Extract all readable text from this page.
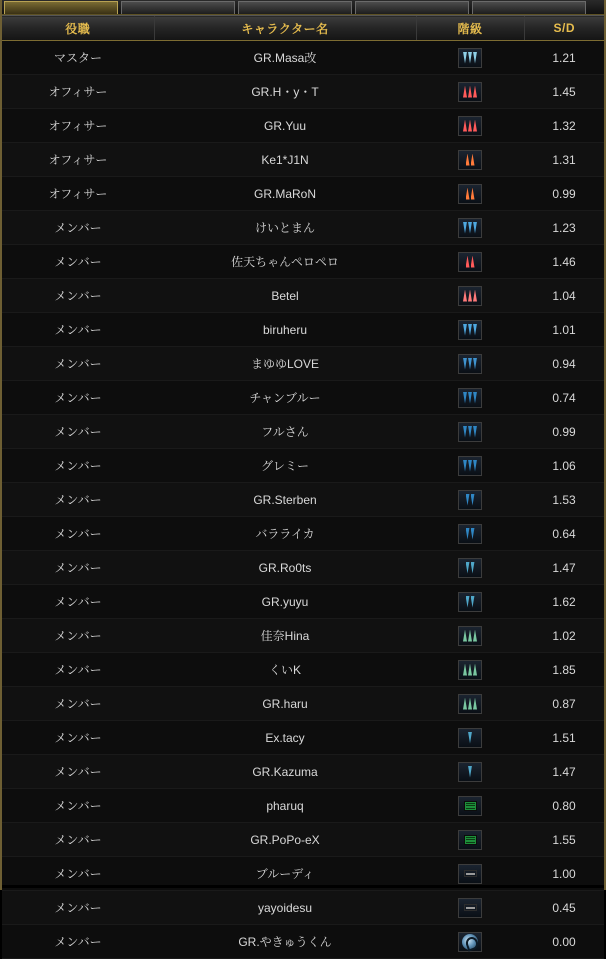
役職	キャラクター名	階級	S/D
マスター	GR.Masa改		1.21
オフィサー	GR.H・y・T		1.45
オフィサー	GR.Yuu		1.32
オフィサー	Ke1*J1N		1.31
オフィサー	GR.MaRoN		0.99
メンバー	けいとまん		1.23
メンバー	佐天ちゃんペロペロ		1.46
メンバー	Betel		1.04
メンバー	biruheru		1.01
メンバー	まゆゆLOVE		0.94
メンバー	チャンブルー		0.74
メンバー	フルさん		0.99
メンバー	グレミー		1.06
メンバー	GR.Sterben		1.53
メンバー	バラライカ		0.64
メンバー	GR.Ro0ts		1.47
メンバー	GR.yuyu		1.62
メンバー	佳奈Hina		1.02
メンバー	くいK		1.85
メンバー	GR.haru		0.87
メンバー	Ex.tacy		1.51
メンバー	GR.Kazuma		1.47
メンバー	pharuq		0.80
メンバー	GR.PoPo-eX		1.55
メンバー	ブルーディ		1.00
メンバー	yayoidesu		0.45
メンバー	GR.やきゅうくん		0.00
